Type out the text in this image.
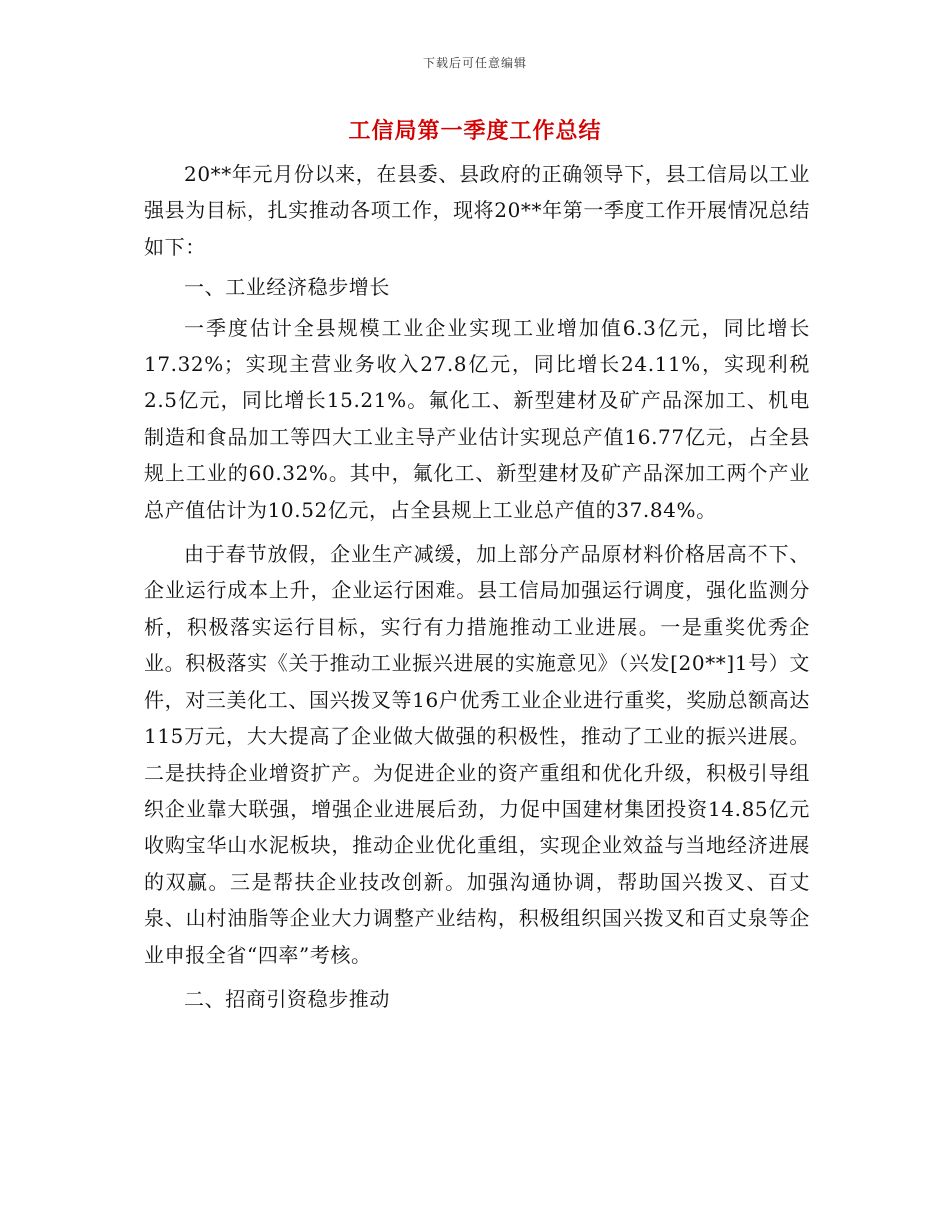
下载后可任意编辑
工信局第一季度工作总结

20**年元月份以来，在县委、县政府的正确领导下，县工信局以工业强县为目标，扎实推动各项工作，现将20**年第一季度工作开展情况总结如下：

一、工业经济稳步增长

一季度估计全县规模工业企业实现工业增加值6.3亿元，同比增长17.32%；实现主营业务收入27.8亿元，同比增长24.11%，实现利税2.5亿元，同比增长15.21%。氟化工、新型建材及矿产品深加工、机电制造和食品加工等四大工业主导产业估计实现总产值16.77亿元，占全县规上工业的60.32%。其中，氟化工、新型建材及矿产品深加工两个产业总产值估计为10.52亿元，占全县规上工业总产值的37.84%。

由于春节放假，企业生产减缓，加上部分产品原材料价格居高不下、企业运行成本上升，企业运行困难。县工信局加强运行调度，强化监测分析，积极落实运行目标，实行有力措施推动工业进展。一是重奖优秀企业。积极落实《关于推动工业振兴进展的实施意见》（兴发[20**]1号）文件，对三美化工、国兴拨叉等16户优秀工业企业进行重奖，奖励总额高达115万元，大大提高了企业做大做强的积极性，推动了工业的振兴进展。二是扶持企业增资扩产。为促进企业的资产重组和优化升级，积极引导组织企业靠大联强，增强企业进展后劲，力促中国建材集团投资14.85亿元收购宝华山水泥板块，推动企业优化重组，实现企业效益与当地经济进展的双赢。三是帮扶企业技改创新。加强沟通协调，帮助国兴拨叉、百丈泉、山村油脂等企业大力调整产业结构，积极组织国兴拨叉和百丈泉等企业申报全省“四率”考核。

二、招商引资稳步推动
